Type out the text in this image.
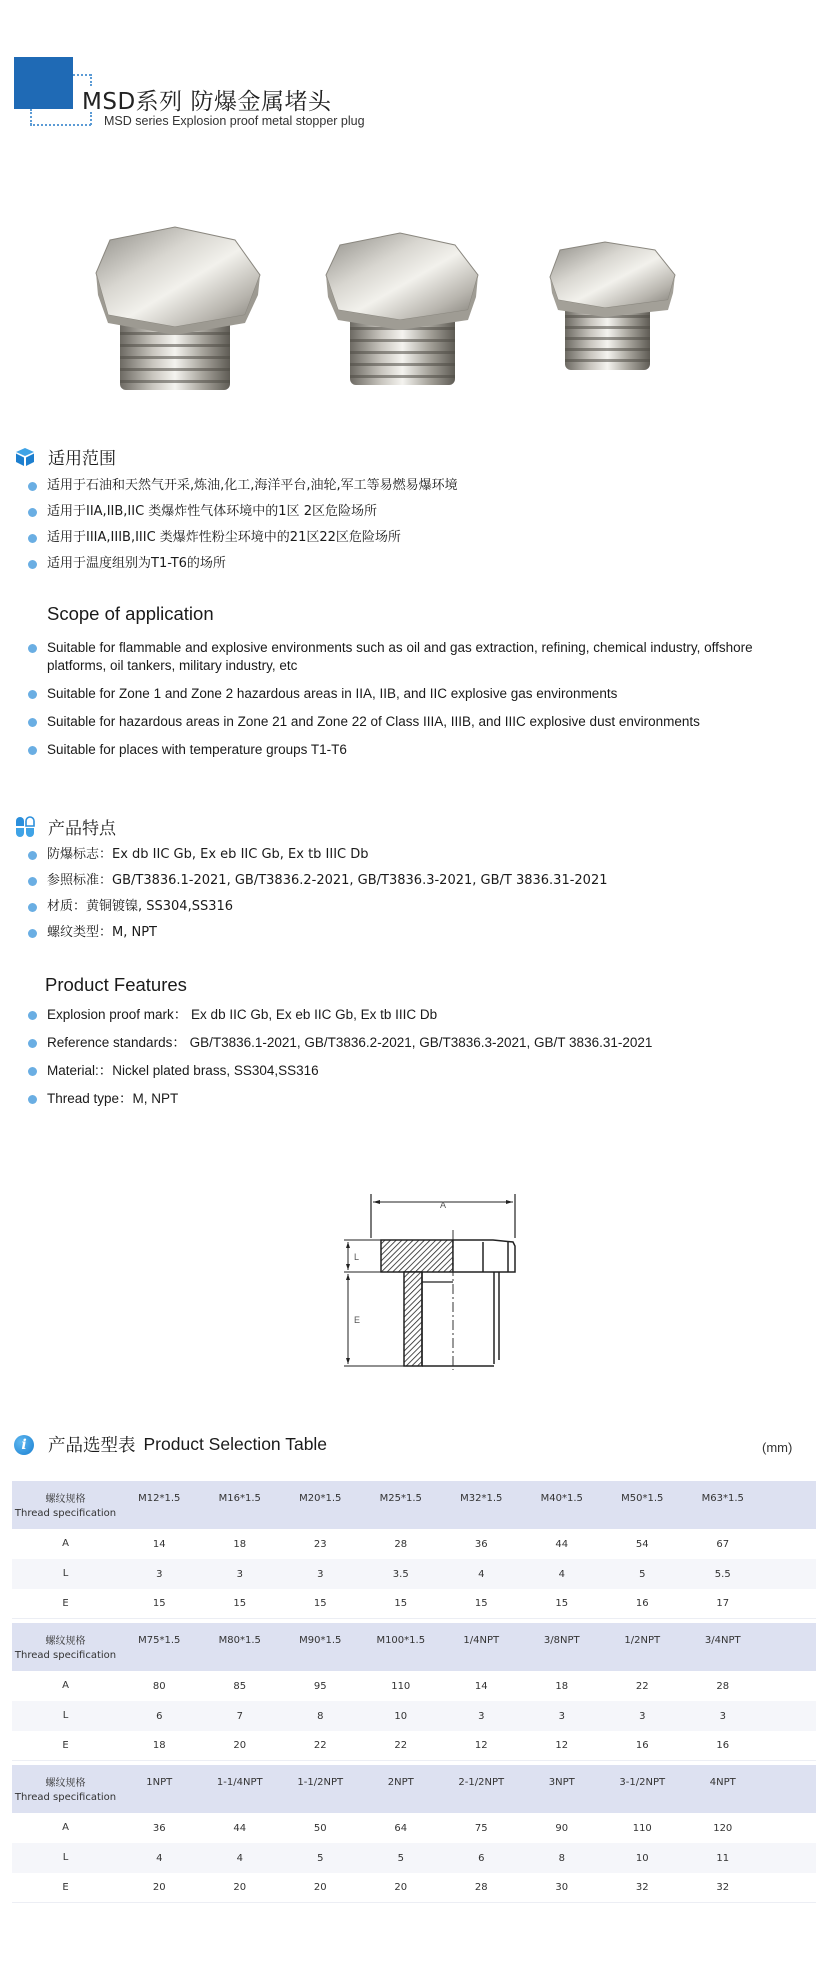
MSD系列 防爆金属堵头
MSD series Explosion proof metal stopper plug
适用范围
适用于石油和天然气开采,炼油,化工,海洋平台,油轮,军工等易燃易爆环境
适用于IIA,IIB,IIC 类爆炸性气体环境中的1区 2区危险场所
适用于IIIA,IIIB,IIIC 类爆炸性粉尘环境中的21区22区危险场所
适用于温度组别为T1-T6的场所
Scope of application
Suitable for flammable and explosive environments such as oil and gas extraction, refining, chemical industry, offshore platforms, oil tankers, military industry, etc
Suitable for Zone 1 and Zone 2 hazardous areas in IIA, IIB, and IIC explosive gas environments
Suitable for hazardous areas in Zone 21 and Zone 22 of Class IIIA, IIIB, and IIIC explosive dust environments
Suitable for places with temperature groups T1-T6
产品特点
防爆标志：Ex db IIC Gb, Ex eb IIC Gb, Ex tb IIIC Db
参照标准：GB/T3836.1-2021, GB/T3836.2-2021, GB/T3836.3-2021, GB/T 3836.31-2021
材质：黄铜镀镍, SS304,SS316
螺纹类型：M, NPT
Product Features
Explosion proof mark： Ex db IIC Gb, Ex eb IIC Gb, Ex tb IIIC Db
Reference standards： GB/T3836.1-2021, GB/T3836.2-2021, GB/T3836.3-2021, GB/T 3836.31-2021
Material:：Nickel plated brass, SS304,SS316
Thread type：M, NPT
A
L
E
i	产品选型表 Product Selection Table	(mm)
螺纹规格
Thread specification
M12*1.5	M16*1.5	M20*1.5	M25*1.5	M32*1.5	M40*1.5	M50*1.5	M63*1.5
A	14	18	23	28	36	44	54	67
L	3	3	3	3.5	4	4	5	5.5
E	15	15	15	15	15	15	16	17
螺纹规格
Thread specification
M75*1.5	M80*1.5	M90*1.5	M100*1.5	1/4NPT	3/8NPT	1/2NPT	3/4NPT
A	80	85	95	110	14	18	22	28
L	6	7	8	10	3	3	3	3
E	18	20	22	22	12	12	16	16
螺纹规格
Thread specification
1NPT	1-1/4NPT	1-1/2NPT	2NPT	2-1/2NPT	3NPT	3-1/2NPT	4NPT
A	36	44	50	64	75	90	110	120
L	4	4	5	5	6	8	10	11
E	20	20	20	20	28	30	32	32
